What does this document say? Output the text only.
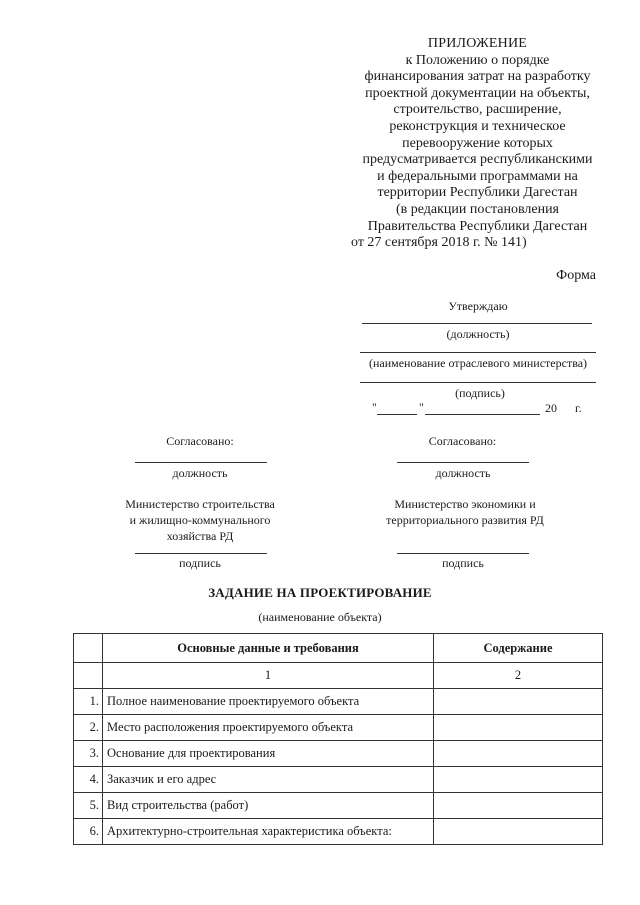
ПРИЛОЖЕНИЕ
к Положению о порядке
финансирования затрат на разработку
проектной документации на объекты,
строительство, расширение,
реконструкция и техническое
перевооружение которых
предусматривается республиканскими
и федеральными программами на
территории Республики Дагестан
(в редакции постановления
Правительства Республики Дагестан
от 27 сентября 2018 г. № 141)
Форма
Утверждаю
(должность)
(наименование отраслевого министерства)
(подпись)
"	"	20 г.
Согласовано:
должность
Министерство строительства
и жилищно-коммунального
хозяйства РД
подпись
Согласовано:
должность
Министерство экономики и
территориального развития РД
подпись
ЗАДАНИЕ НА ПРОЕКТИРОВАНИЕ
(наименование объекта)
	Основные данные и требования	Содержание
	1	2
1.	Полное наименование проектируемого объекта	
2.	Место расположения проектируемого объекта	
3.	Основание для проектирования	
4.	Заказчик и его адрес	
5.	Вид строительства (работ)	
6.	Архитектурно-строительная характеристика объекта:	
